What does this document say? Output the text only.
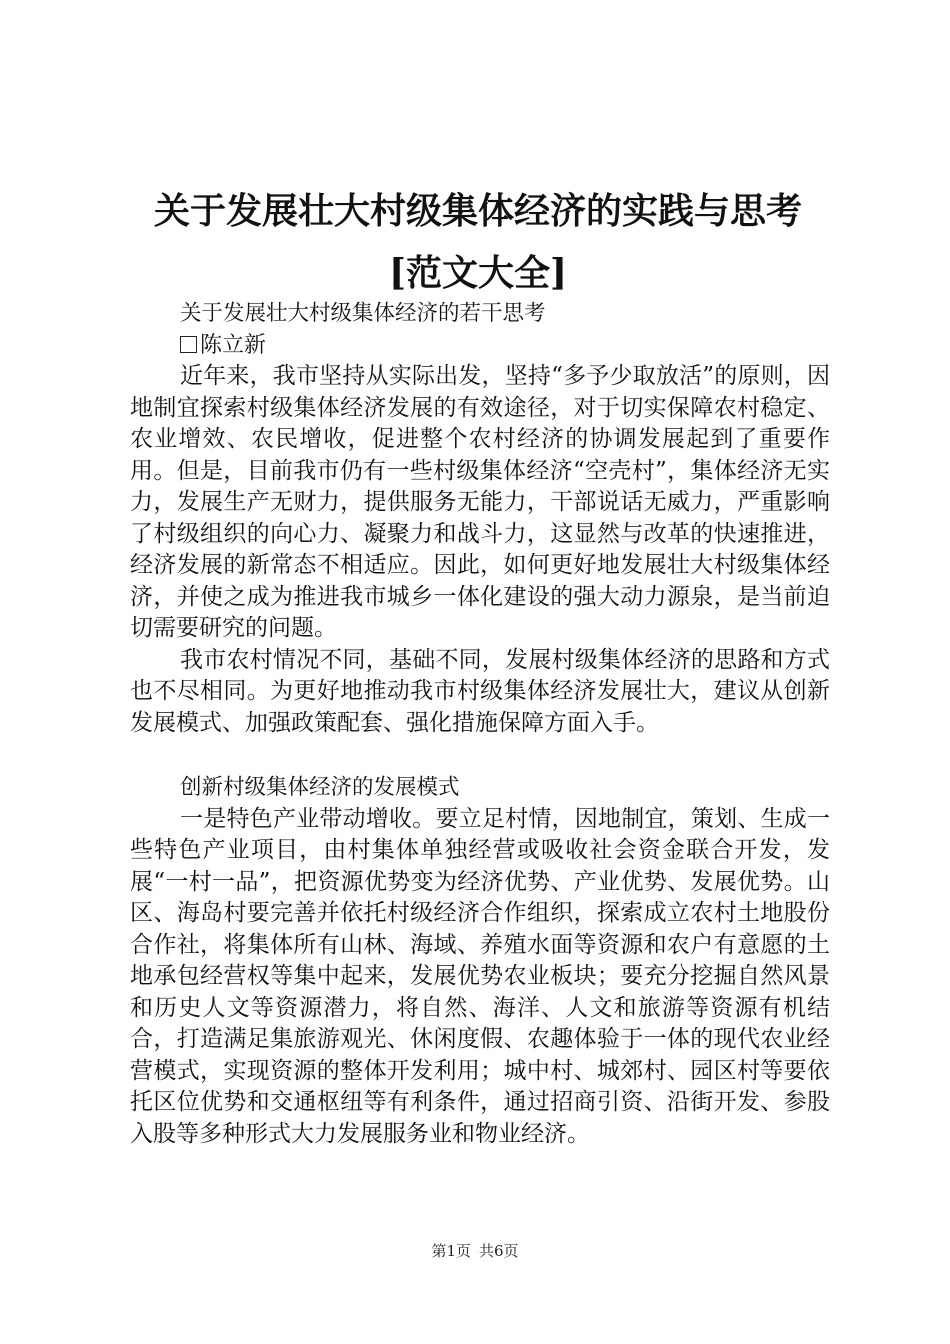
关于发展壮大村级集体经济的实践与思考[范文大全]

关于发展壮大村级集体经济的若干思考

陈立新

近年来，我市坚持从实际出发，坚持“多予少取放活”的原则，因地制宜探索村级集体经济发展的有效途径，对于切实保障农村稳定、农业增效、农民增收，促进整个农村经济的协调发展起到了重要作用。但是，目前我市仍有一些村级集体经济“空壳村”，集体经济无实力，发展生产无财力，提供服务无能力，干部说话无威力，严重影响了村级组织的向心力、凝聚力和战斗力，这显然与改革的快速推进，经济发展的新常态不相适应。因此，如何更好地发展壮大村级集体经济，并使之成为推进我市城乡一体化建设的强大动力源泉，是当前迫切需要研究的问题。

我市农村情况不同，基础不同，发展村级集体经济的思路和方式也不尽相同。为更好地推动我市村级集体经济发展壮大，建议从创新发展模式、加强政策配套、强化措施保障方面入手。

创新村级集体经济的发展模式

一是特色产业带动增收。要立足村情，因地制宜，策划、生成一些特色产业项目，由村集体单独经营或吸收社会资金联合开发，发展“一村一品”，把资源优势变为经济优势、产业优势、发展优势。山区、海岛村要完善并依托村级经济合作组织，探索成立农村土地股份合作社，将集体所有山林、海域、养殖水面等资源和农户有意愿的土地承包经营权等集中起来，发展优势农业板块；要充分挖掘自然风景和历史人文等资源潜力，将自然、海洋、人文和旅游等资源有机结合，打造满足集旅游观光、休闲度假、农趣体验于一体的现代农业经营模式，实现资源的整体开发利用；城中村、城郊村、园区村等要依托区位优势和交通枢纽等有利条件，通过招商引资、沿街开发、参股入股等多种形式大力发展服务业和物业经济。

第1页 共6页
